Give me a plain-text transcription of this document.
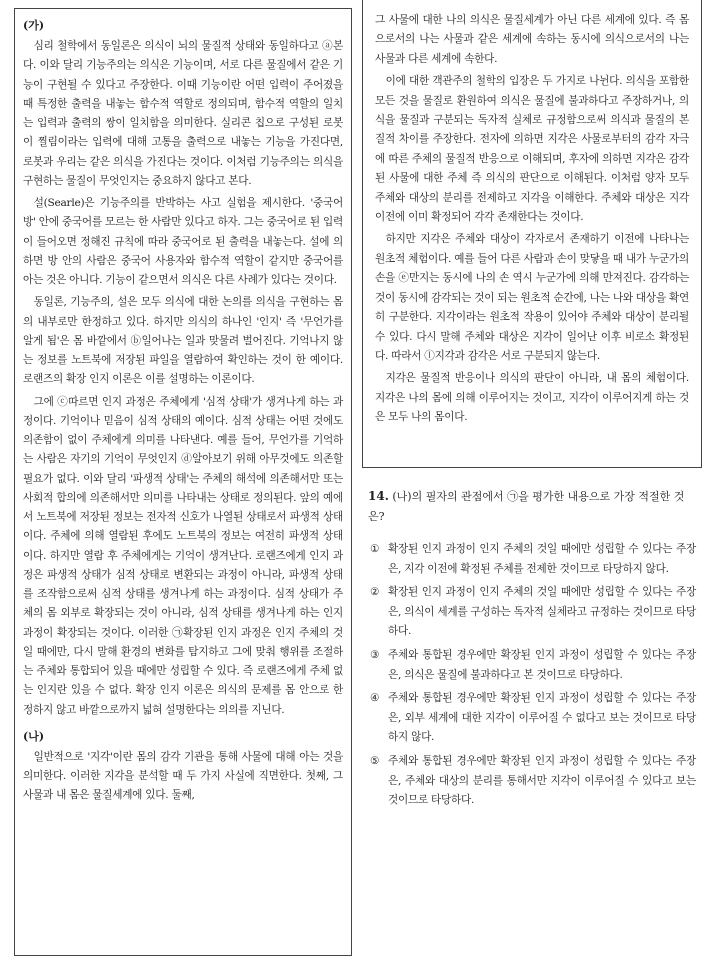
(가)

심리 철학에서 동일론은 의식이 뇌의 물질적 상태와 동일하다고 ⓐ본다. 이와 달리 기능주의는 의식은 기능이며, 서로 다른 물질에서 같은 기능이 구현될 수 있다고 주장한다. 이때 기능이란 어떤 입력이 주어졌을 때 특정한 출력을 내놓는 함수적 역할로 정의되며, 함수적 역할의 일치는 입력과 출력의 쌍이 일치함을 의미한다. 실리콘 칩으로 구성된 로봇이 찔림이라는 입력에 대해 고통을 출력으로 내놓는 기능을 가진다면, 로봇과 우리는 같은 의식을 가진다는 것이다. 이처럼 기능주의는 의식을 구현하는 물질이 무엇인지는 중요하지 않다고 본다.

설(Searle)은 기능주의를 반박하는 사고 실험을 제시한다. '중국어 방' 안에 중국어를 모르는 한 사람만 있다고 하자. 그는 중국어로 된 입력이 들어오면 정해진 규칙에 따라 중국어로 된 출력을 내놓는다. 설에 의하면 방 안의 사람은 중국어 사용자와 함수적 역할이 같지만 중국어를 아는 것은 아니다. 기능이 같으면서 의식은 다른 사례가 있다는 것이다.

동일론, 기능주의, 설은 모두 의식에 대한 논의를 의식을 구현하는 몸의 내부로만 한정하고 있다. 하지만 의식의 하나인 '인지' 즉 '무언가를 알게 됨'은 몸 바깥에서 ⓑ일어나는 일과 맞물려 벌어진다. 기억나지 않는 정보를 노트북에 저장된 파일을 열람하여 확인하는 것이 한 예이다. 로랜즈의 확장 인지 이론은 이를 설명하는 이론이다.

그에 ⓒ따르면 인지 과정은 주체에게 '심적 상태'가 생겨나게 하는 과정이다. 기억이나 믿음이 심적 상태의 예이다. 심적 상태는 어떤 것에도 의존함이 없이 주체에게 의미를 나타낸다. 예를 들어, 무언가를 기억하는 사람은 자기의 기억이 무엇인지 ⓓ알아보기 위해 아무것에도 의존할 필요가 없다. 이와 달리 '파생적 상태'는 주체의 해석에 의존해서만 또는 사회적 합의에 의존해서만 의미를 나타내는 상태로 정의된다. 앞의 예에서 노트북에 저장된 정보는 전자적 신호가 나열된 상태로서 파생적 상태이다. 주체에 의해 열람된 후에도 노트북의 정보는 여전히 파생적 상태이다. 하지만 열람 후 주체에게는 기억이 생겨난다. 로랜즈에게 인지 과정은 파생적 상태가 심적 상태로 변환되는 과정이 아니라, 파생적 상태를 조작함으로써 심적 상태를 생겨나게 하는 과정이다. 심적 상태가 주체의 몸 외부로 확장되는 것이 아니라, 심적 상태를 생겨나게 하는 인지 과정이 확장되는 것이다. 이러한 ㉠확장된 인지 과정은 인지 주체의 것일 때에만, 다시 말해 환경의 변화를 탐지하고 그에 맞춰 행위를 조절하는 주체와 통합되어 있을 때에만 성립할 수 있다. 즉 로랜즈에게 주체 없는 인지란 있을 수 없다. 확장 인지 이론은 의식의 문제를 몸 안으로 한정하지 않고 바깥으로까지 넓혀 설명한다는 의의를 지닌다.

(나)

일반적으로 '지각'이란 몸의 감각 기관을 통해 사물에 대해 아는 것을 의미한다. 이러한 지각을 분석할 때 두 가지 사실에 직면한다. 첫째, 그 사물과 내 몸은 물질세계에 있다. 둘째,

그 사물에 대한 나의 의식은 물질세계가 아닌 다른 세계에 있다. 즉 몸으로서의 나는 사물과 같은 세계에 속하는 동시에 의식으로서의 나는 사물과 다른 세계에 속한다.

이에 대한 객관주의 철학의 입장은 두 가지로 나뉜다. 의식을 포함한 모든 것을 물질로 환원하여 의식은 물질에 불과하다고 주장하거나, 의식을 물질과 구분되는 독자적 실체로 규정함으로써 의식과 물질의 본질적 차이를 주장한다. 전자에 의하면 지각은 사물로부터의 감각 자극에 따른 주체의 물질적 반응으로 이해되며, 후자에 의하면 지각은 감각된 사물에 대한 주체 즉 의식의 판단으로 이해된다. 이처럼 양자 모두 주체와 대상의 분리를 전제하고 지각을 이해한다. 주체와 대상은 지각 이전에 이미 확정되어 각각 존재한다는 것이다.

하지만 지각은 주체와 대상이 각자로서 존재하기 이전에 나타나는 원초적 체험이다. 예를 들어 다른 사람과 손이 맞닿을 때 내가 누군가의 손을 ⓔ만지는 동시에 나의 손 역시 누군가에 의해 만져진다. 감각하는 것이 동시에 감각되는 것이 되는 원초적 순간에, 나는 나와 대상을 확연히 구분한다. 지각이라는 원초적 작용이 있어야 주체와 대상이 분리될 수 있다. 다시 말해 주체와 대상은 지각이 일어난 이후 비로소 확정된다. 따라서 ⓛ지각과 감각은 서로 구분되지 않는다.

지각은 물질적 반응이나 의식의 판단이 아니라, 내 몸의 체험이다. 지각은 나의 몸에 의해 이루어지는 것이고, 지각이 이루어지게 하는 것은 모두 나의 몸이다.

14. (나)의 필자의 관점에서 ㉠을 평가한 내용으로 가장 적절한 것은?
① 확장된 인지 과정이 인지 주체의 것일 때에만 성립할 수 있다는 주장은, 지각 이전에 확정된 주체를 전제한 것이므로 타당하지 않다.
② 확장된 인지 과정이 인지 주체의 것일 때에만 성립할 수 있다는 주장은, 의식이 세계를 구성하는 독자적 실체라고 규정하는 것이므로 타당하다.
③ 주체와 통합된 경우에만 확장된 인지 과정이 성립할 수 있다는 주장은, 의식은 물질에 불과하다고 본 것이므로 타당하다.
④ 주체와 통합된 경우에만 확장된 인지 과정이 성립할 수 있다는 주장은, 외부 세계에 대한 지각이 이루어질 수 없다고 보는 것이므로 타당하지 않다.
⑤ 주체와 통합된 경우에만 확장된 인지 과정이 성립할 수 있다는 주장은, 주체와 대상의 분리를 통해서만 지각이 이루어질 수 있다고 보는 것이므로 타당하다.
